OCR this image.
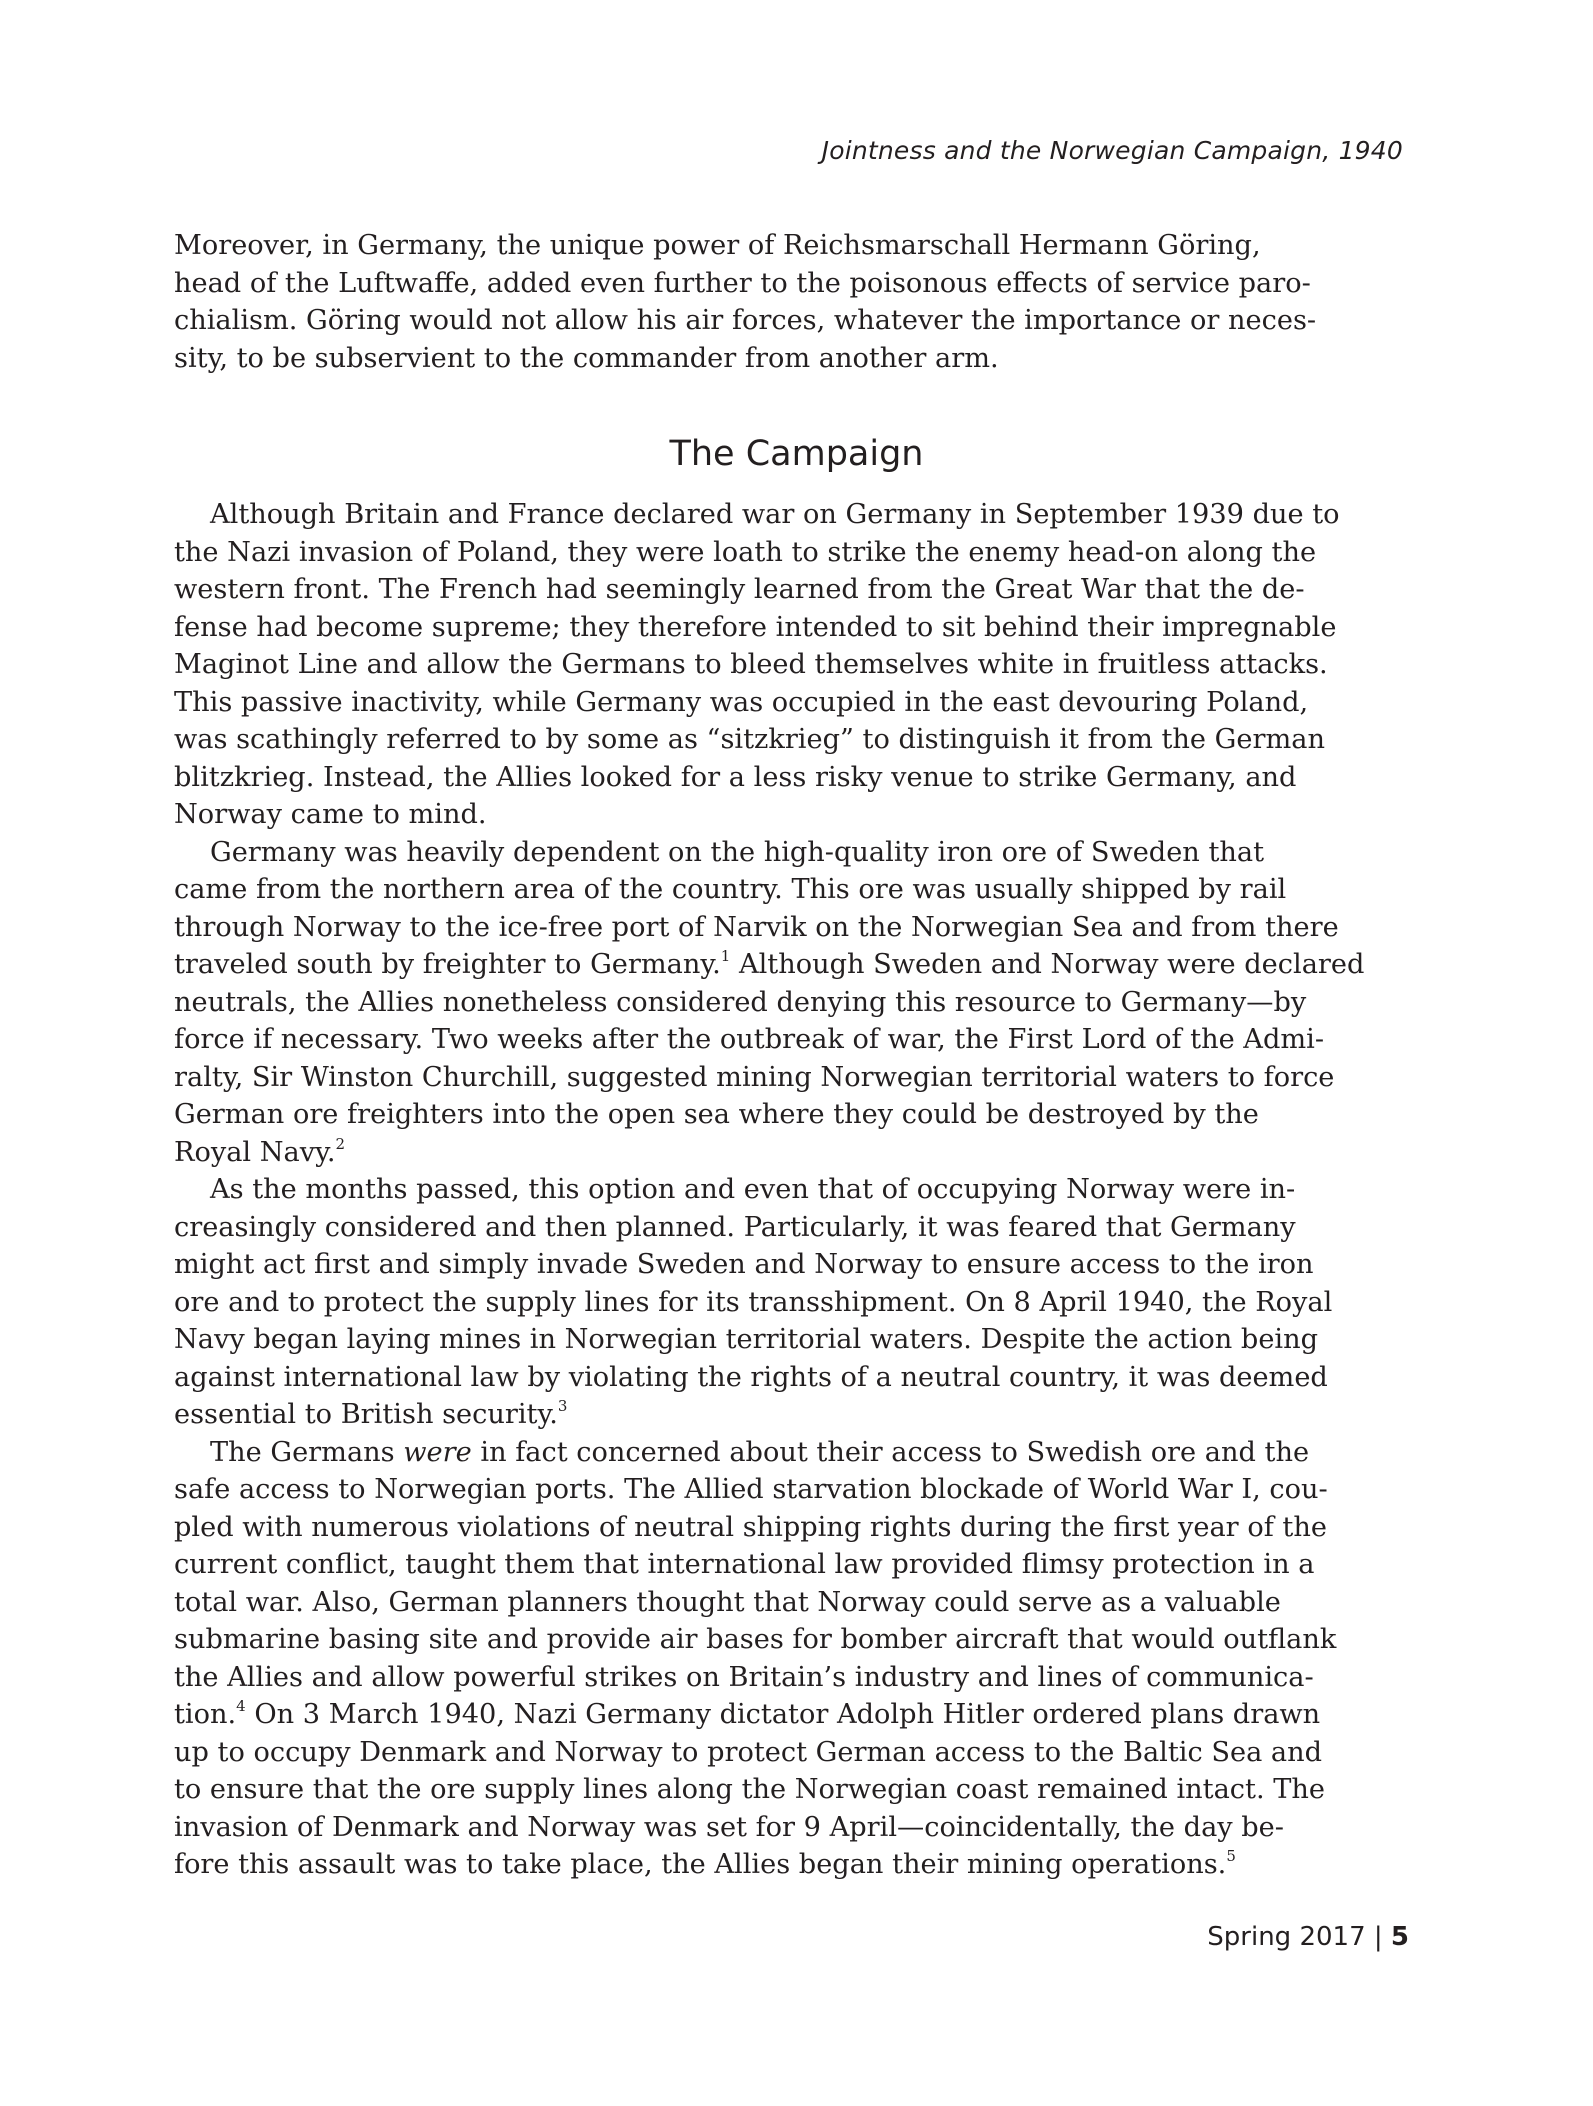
Jointness and the Norwegian Campaign, 1940
Moreover, in Germany, the unique power of Reichsmarschall Hermann Göring,
head of the Luftwaffe, added even further to the poisonous effects of service paro-
chialism. Göring would not allow his air forces, whatever the importance or neces-
sity, to be subservient to the commander from another arm.
The Campaign
Although Britain and France declared war on Germany in September 1939 due to
the Nazi invasion of Poland, they were loath to strike the enemy head-on along the
western front. The French had seemingly learned from the Great War that the de-
fense had become supreme; they therefore intended to sit behind their impregnable
Maginot Line and allow the Germans to bleed themselves white in fruitless attacks.
This passive inactivity, while Germany was occupied in the east devouring Poland,
was scathingly referred to by some as “sitzkrieg” to distinguish it from the German
blitzkrieg. Instead, the Allies looked for a less risky venue to strike Germany, and
Norway came to mind.
Germany was heavily dependent on the high-quality iron ore of Sweden that
came from the northern area of the country. This ore was usually shipped by rail
through Norway to the ice-free port of Narvik on the Norwegian Sea and from there
traveled south by freighter to Germany.$^1$ Although Sweden and Norway were declared
neutrals, the Allies nonetheless considered denying this resource to Germany—by
force if necessary. Two weeks after the outbreak of war, the First Lord of the Admi-
ralty, Sir Winston Churchill, suggested mining Norwegian territorial waters to force
German ore freighters into the open sea where they could be destroyed by the
Royal Navy.$^2$
As the months passed, this option and even that of occupying Norway were in-
creasingly considered and then planned. Particularly, it was feared that Germany
might act first and simply invade Sweden and Norway to ensure access to the iron
ore and to protect the supply lines for its transshipment. On 8 April 1940, the Royal
Navy began laying mines in Norwegian territorial waters. Despite the action being
against international law by violating the rights of a neutral country, it was deemed
essential to British security.$^3$
The Germans were in fact concerned about their access to Swedish ore and the
safe access to Norwegian ports. The Allied starvation blockade of World War I, cou-
pled with numerous violations of neutral shipping rights during the first year of the
current conflict, taught them that international law provided flimsy protection in a
total war. Also, German planners thought that Norway could serve as a valuable
submarine basing site and provide air bases for bomber aircraft that would outflank
the Allies and allow powerful strikes on Britain’s industry and lines of communica-
tion.$^4$ On 3 March 1940, Nazi Germany dictator Adolph Hitler ordered plans drawn
up to occupy Denmark and Norway to protect German access to the Baltic Sea and
to ensure that the ore supply lines along the Norwegian coast remained intact. The
invasion of Denmark and Norway was set for 9 April—coincidentally, the day be-
fore this assault was to take place, the Allies began their mining operations.$^5$
Spring 2017 | 5
